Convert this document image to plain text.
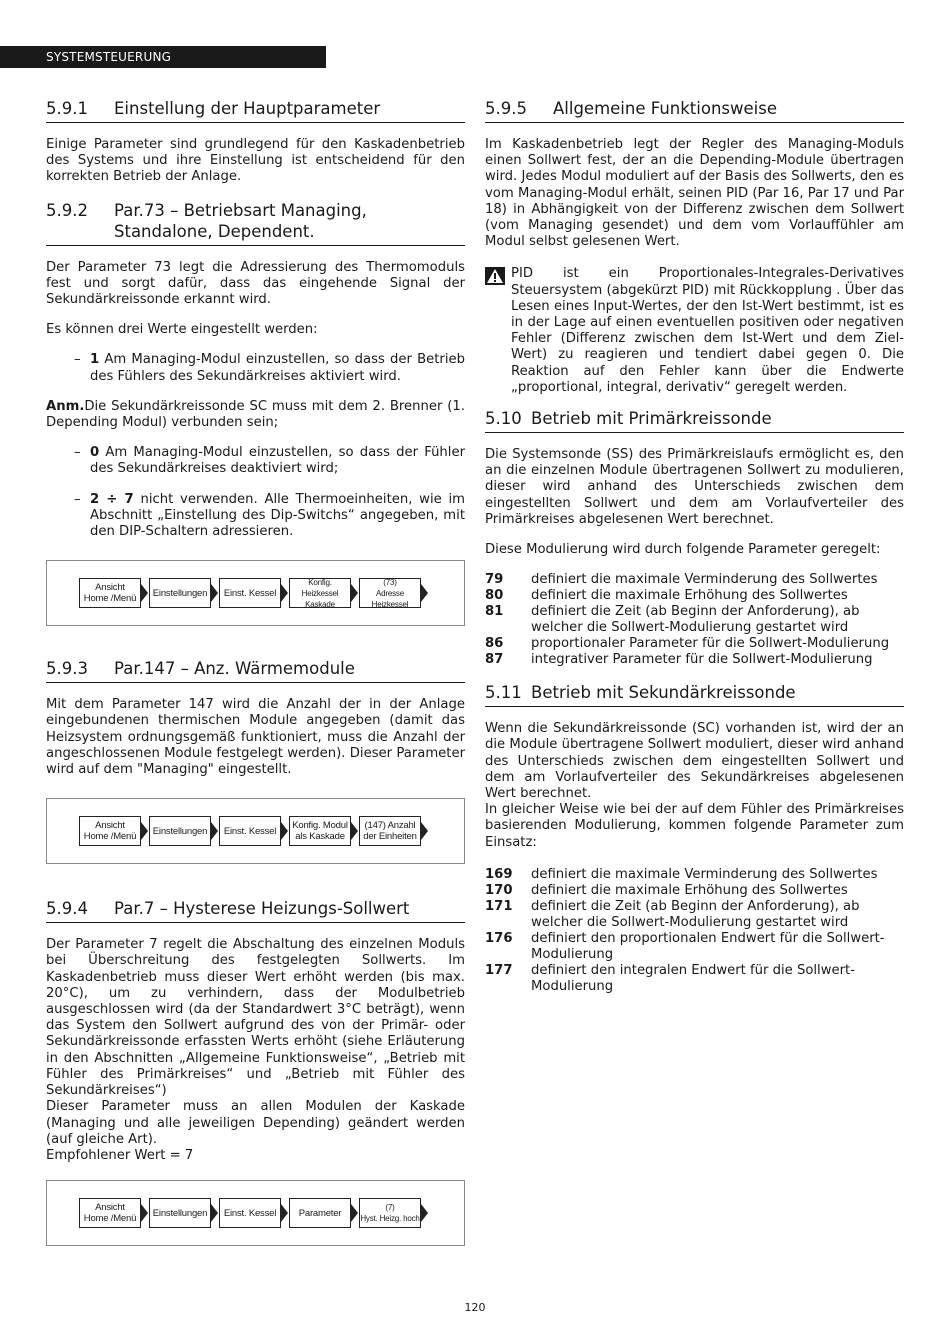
SYSTEMSTEUERUNG
5.9.1	Einstellung der Hauptparameter

Einige Parameter sind grundlegend für den Kaskadenbetrieb des Systems und ihre Einstellung ist entscheidend für den korrekten Betrieb der Anlage.

5.9.2	Par.73 – Betriebsart Managing,
Standalone, Dependent.

Der Parameter 73 legt die Adressierung des Thermomoduls fest und sorgt dafür, dass das eingehende Signal der Sekundärkreissonde erkannt wird.

Es können drei Werte eingestellt werden:

– 1 Am Managing-Modul einzustellen, so dass der Betrieb des Fühlers des Sekundärkreises aktiviert wird.

Anm.Die Sekundärkreissonde SC muss mit dem 2. Brenner (1. Depending Modul) verbunden sein;

– 0 Am Managing-Modul einzustellen, so dass der Fühler des Sekundärkreises deaktiviert wird;
– 2 ÷ 7 nicht verwenden. Alle Thermoeinheiten, wie im Abschnitt „Einstellung des Dip-Switchs“ angegeben, mit den DIP-Schaltern adressieren.
Ansicht
Home /Menü	Einstellungen	Einst. Kessel
Konfig. Heizkessel
Kaskade
(73)
Adresse Heizkessel
5.9.3	Par.147 – Anz. Wärmemodule

Mit dem Parameter 147 wird die Anzahl der in der Anlage eingebundenen thermischen Module angegeben (damit das Heizsystem ordnungsgemäß funktioniert, muss die Anzahl der angeschlossenen Module festgelegt werden). Dieser Parameter wird auf dem "Managing" eingestellt.

Ansicht
Home /Menü	Einstellungen	Einst. Kessel	Konfig. Modul
als Kaskade
(147) Anzahl
der Einheiten
5.9.4	Par.7 – Hysterese Heizungs-Sollwert

Der Parameter 7 regelt die Abschaltung des einzelnen Moduls bei Überschreitung des festgelegten Sollwerts. Im Kaskadenbetrieb muss dieser Wert erhöht werden (bis max. 20°C), um zu verhindern, dass der Modulbetrieb ausgeschlossen wird (da der Standardwert 3°C beträgt), wenn das System den Sollwert aufgrund des von der Primär- oder Sekundärkreissonde erfassten Werts erhöht (siehe Erläuterung in den Abschnitten „Allgemeine Funktionsweise“, „Betrieb mit Fühler des Primärkreises“ und „Betrieb mit Fühler des Sekundärkreises“)

Dieser Parameter muss an allen Modulen der Kaskade (Managing und alle jeweiligen Depending) geändert werden (auf gleiche Art).

Empfohlener Wert = 7

Ansicht
Home /Menü	Einstellungen	Einst. Kessel	Parameter	(7)
Hyst. Heizg. hoch
5.9.5	Allgemeine Funktionsweise

Im Kaskadenbetrieb legt der Regler des Managing-Moduls einen Sollwert fest, der an die Depending-Module übertragen wird. Jedes Modul moduliert auf der Basis des Sollwerts, den es vom Managing-Modul erhält, seinen PID (Par 16, Par 17 und Par 18) in Abhängigkeit von der Differenz zwischen dem Sollwert (vom Managing gesendet) und dem vom Vorlauffühler am Modul selbst gelesenen Wert.

PID ist ein Proportionales-Integrales-Derivatives Steuersystem (abgekürzt PID) mit Rückkopplung . Über das Lesen eines Input-Wertes, der den Ist-Wert bestimmt, ist es in der Lage auf einen eventuellen positiven oder negativen Fehler (Differenz zwischen dem Ist-Wert und dem Ziel-Wert) zu reagieren und tendiert dabei gegen 0. Die Reaktion auf den Fehler kann über die Endwerte „proportional, integral, derivativ“ geregelt werden.

5.10 Betrieb mit Primärkreissonde

Die Systemsonde (SS) des Primärkreislaufs ermöglicht es, den an die einzelnen Module übertragenen Sollwert zu modulieren, dieser wird anhand des Unterschieds zwischen dem eingestellten Sollwert und dem am Vorlaufverteiler des Primärkreises abgelesenen Wert berechnet.

Diese Modulierung wird durch folgende Parameter geregelt:

79	definiert die maximale Verminderung des Sollwertes
80	definiert die maximale Erhöhung des Sollwertes
81	definiert die Zeit (ab Beginn der Anforderung), ab welcher die Sollwert-Modulierung gestartet wird
86	proportionaler Parameter für die Sollwert-Modulierung
87	integrativer Parameter für die Sollwert-Modulierung
5.11 Betrieb mit Sekundärkreissonde

Wenn die Sekundärkreissonde (SC) vorhanden ist, wird der an die Module übertragene Sollwert moduliert, dieser wird anhand des Unterschieds zwischen dem eingestellten Sollwert und dem am Vorlaufverteiler des Sekundärkreises abgelesenen Wert berechnet.

In gleicher Weise wie bei der auf dem Fühler des Primärkreises basierenden Modulierung, kommen folgende Parameter zum Einsatz:

169	definiert die maximale Verminderung des Sollwertes
170	definiert die maximale Erhöhung des Sollwertes
171	definiert die Zeit (ab Beginn der Anforderung), ab welcher die Sollwert-Modulierung gestartet wird
176	definiert den proportionalen Endwert für die Sollwert-Modulierung
177	definiert den integralen Endwert für die Sollwert-Modulierung
120
